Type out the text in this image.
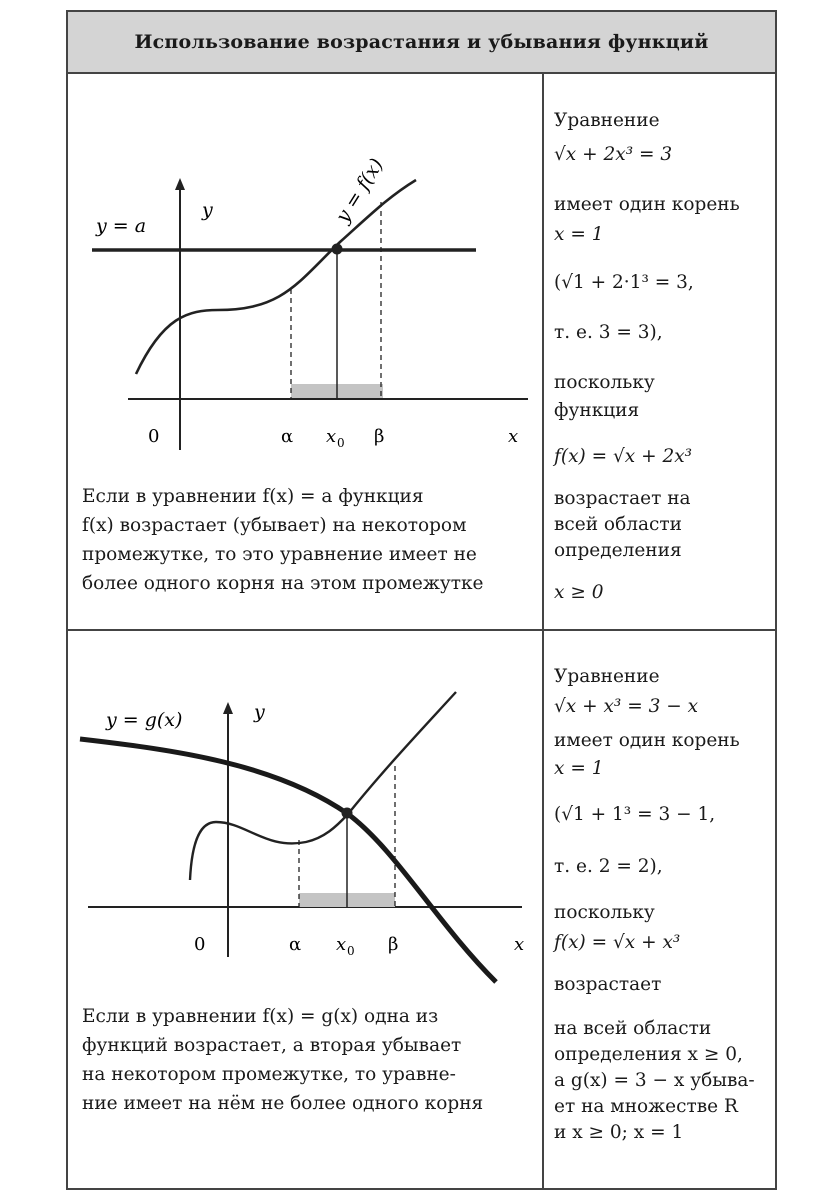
Использование возрастания и убывания функций
y = a
y	y = f(x)
0	α x 0 β	x
Если в уравнении f(x) = a функция
f(x) возрастает (убывает) на некотором
промежутке, то это уравнение имеет не
более одного корня на этом промежутке
Уравнение
√x + 2x³ = 3
имеет один корень
x = 1
(√1 + 2·1³ = 3,
т. е. 3 = 3),
поскольку
функция
f(x) = √x + 2x³
возрастает на
всей области
определения
x ≥ 0
y = g(x)	y
0	α x 0 β	x
Если в уравнении f(x) = g(x) одна из
функций возрастает, а вторая убывает
на некотором промежутке, то уравне-
ние имеет на нём не более одного корня
Уравнение
√x + x³ = 3 − x
имеет один корень
x = 1
(√1 + 1³ = 3 − 1,
т. е. 2 = 2),
поскольку
f(x) = √x + x³
возрастает
на всей области
определения x ≥ 0,
а g(x) = 3 − x убыва-
ет на множестве R
и x ≥ 0; x = 1
